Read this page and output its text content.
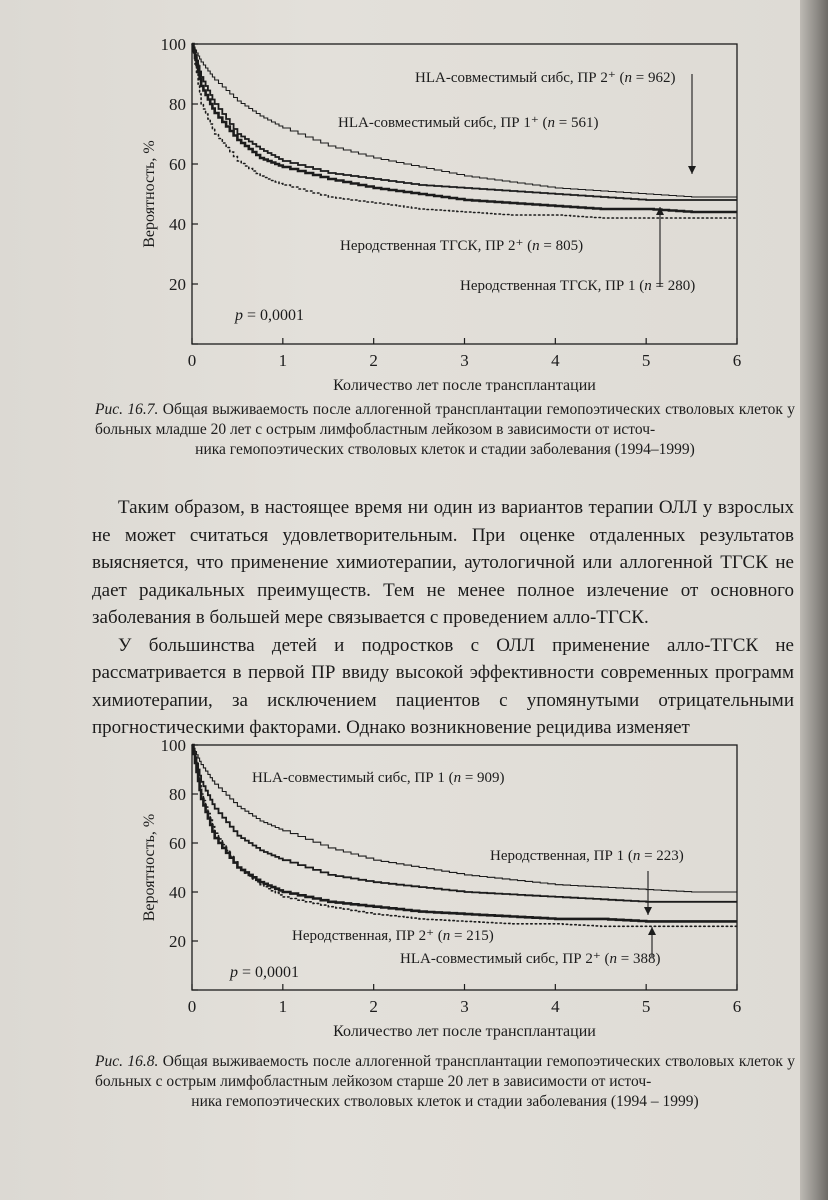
20
40
60
80
100
0	1	2	3	4	5	6
Вероятность, %
Количество лет после трансплантации
HLA-совместимый сибс, ПР 2⁺ (n = 962)
HLA-совместимый сибс, ПР 1⁺ (n = 561)
Неродственная ТГСК, ПР 2⁺ (n = 805)
Неродственная ТГСК, ПР 1 (n = 280)
p = 0,0001
Рис. 16.7. Общая выживаемость после аллогенной трансплантации гемопоэтических стволовых клеток у больных младше 20 лет с острым лимфобластным лейкозом в зависимости от источ-
ника гемопоэтических стволовых клеток и стадии заболевания (1994–1999)

Таким образом, в настоящее время ни один из вариантов терапии ОЛЛ у взрослых не может считаться удовлетворительным. При оценке отдаленных результатов выясняется, что применение химиотерапии, аутологичной или аллогенной ТГСК не дает радикальных преимуществ. Тем не менее полное излечение от основного заболевания в большей мере связывается с проведением алло-ТГСК.

У большинства детей и подростков с ОЛЛ применение алло-ТГСК не рассматривается в первой ПР ввиду высокой эффективности современных программ химиотерапии, за исключением пациентов с упомянутыми отрицательными прогностическими факторами. Однако возникновение рецидива изменяет

20
40
60
80
100
0	1	2	3	4	5	6
Вероятность, %
Количество лет после трансплантации
HLA-совместимый сибс, ПР 1 (n = 909)
Неродственная, ПР 1 (n = 223)
Неродственная, ПР 2⁺ (n = 215)
HLA-совместимый сибс, ПР 2⁺ (n = 388)
p = 0,0001
Рис. 16.8. Общая выживаемость после аллогенной трансплантации гемопоэтических стволовых клеток у больных с острым лимфобластным лейкозом старше 20 лет в зависимости от источ-
ника гемопоэтических стволовых клеток и стадии заболевания (1994 – 1999)
